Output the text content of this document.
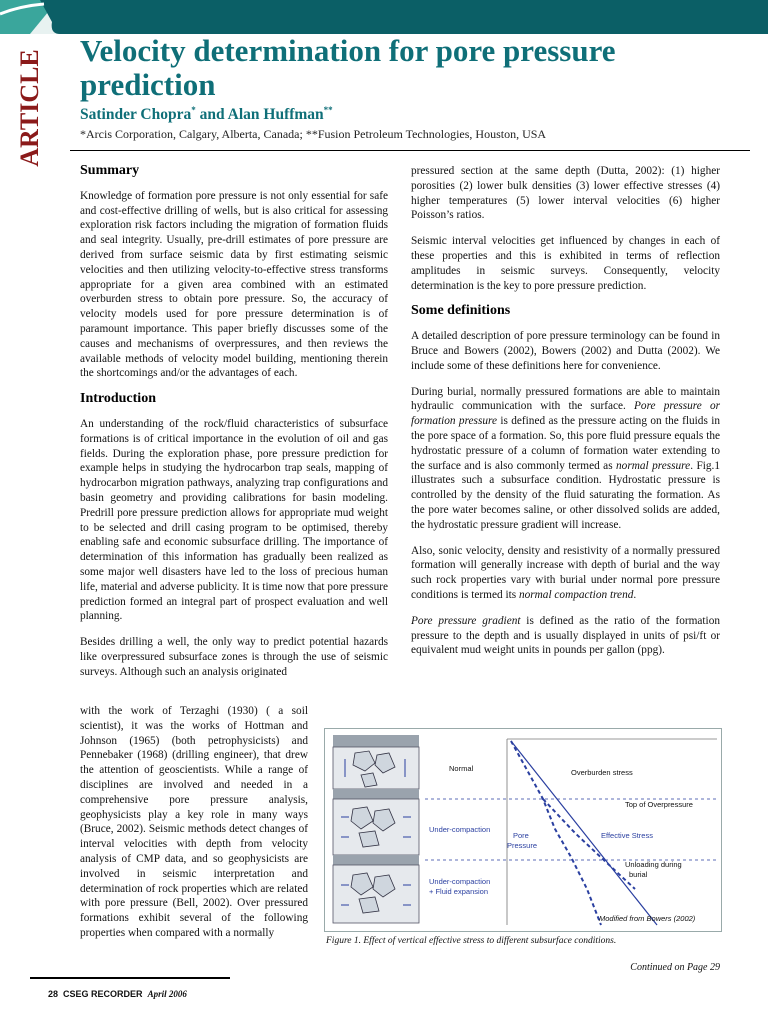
ARTICLE Velocity determination for pore pressure prediction

Satinder Chopra* and Alan Huffman**

*Arcis Corporation, Calgary, Alberta, Canada; **Fusion Petroleum Technologies, Houston, USA

Summary

Knowledge of formation pore pressure is not only essential for safe and cost-effective drilling of wells, but is also critical for assessing exploration risk factors including the migration of formation fluids and seal integrity. Usually, pre-drill estimates of pore pressure are derived from surface seismic data by first estimating seismic velocities and then utilizing velocity-to-effective stress transforms appropriate for a given area combined with an estimated overburden stress to obtain pore pressure. So, the accuracy of velocity models used for pore pressure determination is of paramount importance. This paper briefly discusses some of the causes and mechanisms of overpressures, and then reviews the available methods of velocity model building, mentioning therein the shortcomings and/or the advantages of each.

Introduction

An understanding of the rock/fluid characteristics of subsurface formations is of critical importance in the evolution of oil and gas fields. During the exploration phase, pore pressure prediction for example helps in studying the hydrocarbon trap seals, mapping of hydrocarbon migration pathways, analyzing trap configurations and basin geometry and providing calibrations for basin modeling. Predrill pore pressure prediction allows for appropriate mud weight to be selected and drill casing program to be optimised, thereby enabling safe and economic subsurface drilling. The importance of determination of this information has gradually been realized as some major well disasters have led to the loss of precious human life, material and adverse publicity. It is time now that pore pressure prediction formed an integral part of prospect evaluation and well planning.

Besides drilling a well, the only way to predict potential hazards like overpressured subsurface zones is through the use of seismic surveys. Although such an analysis originated

with the work of Terzaghi (1930) ( a soil scientist), it was the works of Hottman and Johnson (1965) (both petrophysicists) and Pennebaker (1968) (drilling engineer), that drew the attention of geoscientists. While a range of disciplines are involved and needed in a comprehensive pore pressure analysis, geophysicists play a key role in many ways (Bruce, 2002). Seismic methods detect changes of interval velocities with depth from velocity analysis of CMP data, and so geophysicists are involved in seismic interpretation and determination of rock properties which are related with pore pressure (Bell, 2002). Over pressured formations exhibit several of the following properties when compared with a normally

pressured section at the same depth (Dutta, 2002): (1) higher porosities (2) lower bulk densities (3) lower effective stresses (4) higher temperatures (5) lower interval velocities (6) higher Poisson’s ratios.

Seismic interval velocities get influenced by changes in each of these properties and this is exhibited in terms of reflection amplitudes in seismic surveys. Consequently, velocity determination is the key to pore pressure prediction.

Some definitions

A detailed description of pore pressure terminology can be found in Bruce and Bowers (2002), Bowers (2002) and Dutta (2002). We include some of these definitions here for convenience.

During burial, normally pressured formations are able to maintain hydraulic communication with the surface. Pore pressure or formation pressure is defined as the pressure acting on the fluids in the pore space of a formation. So, this pore fluid pressure equals the hydrostatic pressure of a column of formation water extending to the surface and is also commonly termed as normal pressure. Fig.1 illustrates such a subsurface condition. Hydrostatic pressure is controlled by the density of the fluid saturating the formation. As the pore water becomes saline, or other dissolved solids are added, the hydrostatic pressure gradient will increase.

Also, sonic velocity, density and resistivity of a normally pressured formation will generally increase with depth of burial and the way such rock properties vary with burial under normal pore pressure conditions is termed its normal compaction trend.

Pore pressure gradient is defined as the ratio of the formation pressure to the depth and is usually displayed in units of psi/ft or equivalent mud weight units in pounds per gallon (ppg).

Normal	Overburden stress
Top of Overpressure
Under-compaction
Pore
Pressure
Effective Stress
Unloading during
burial
Under-compaction
+ Fluid expansion
Modified from Bowers (2002)
Figure 1. Effect of vertical effective stress to different subsurface conditions.
Continued on Page 29
28 CSEG RECORDER April 2006
